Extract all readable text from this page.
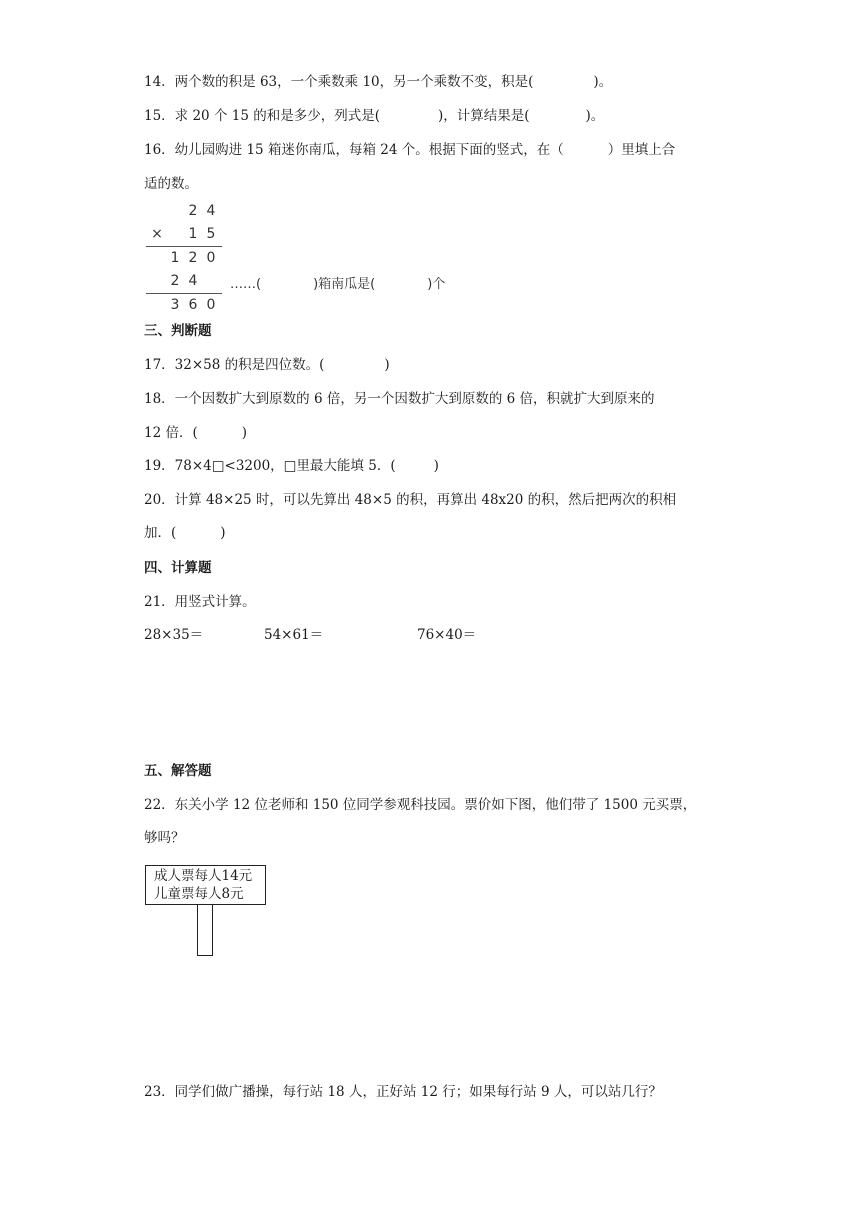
14．两个数的积是 63，一个乘数乘 10，另一个乘数不变，积是(	)。
15．求 20 个 15 的和是多少，列式是(	)，计算结果是(	)。
16．幼儿园购进 15 箱迷你南瓜，每箱 24 个。根据下面的竖式，在（	）里填上合
适的数。
2 4
× 1 5
1 2 0
2 4	……(	)箱南瓜是(	)个
3 6 0
三、判断题
17．32×58 的积是四位数。(	)
18．一个因数扩大到原数的 6 倍，另一个因数扩大到原数的 6 倍，积就扩大到原来的
12 倍．(	)
19．78×4□<3200，□里最大能填 5．(	)
20．计算 48×25 时，可以先算出 48×5 的积，再算出 48x20 的积，然后把两次的积相
加．(	)
四、计算题
21．用竖式计算。
28×35＝	54×61＝	76×40＝
五、解答题
22．东关小学 12 位老师和 150 位同学参观科技园。票价如下图，他们带了 1500 元买票，
够吗？
成人票每人14元
儿童票每人8元
23．同学们做广播操，每行站 18 人，正好站 12 行；如果每行站 9 人，可以站几行？
